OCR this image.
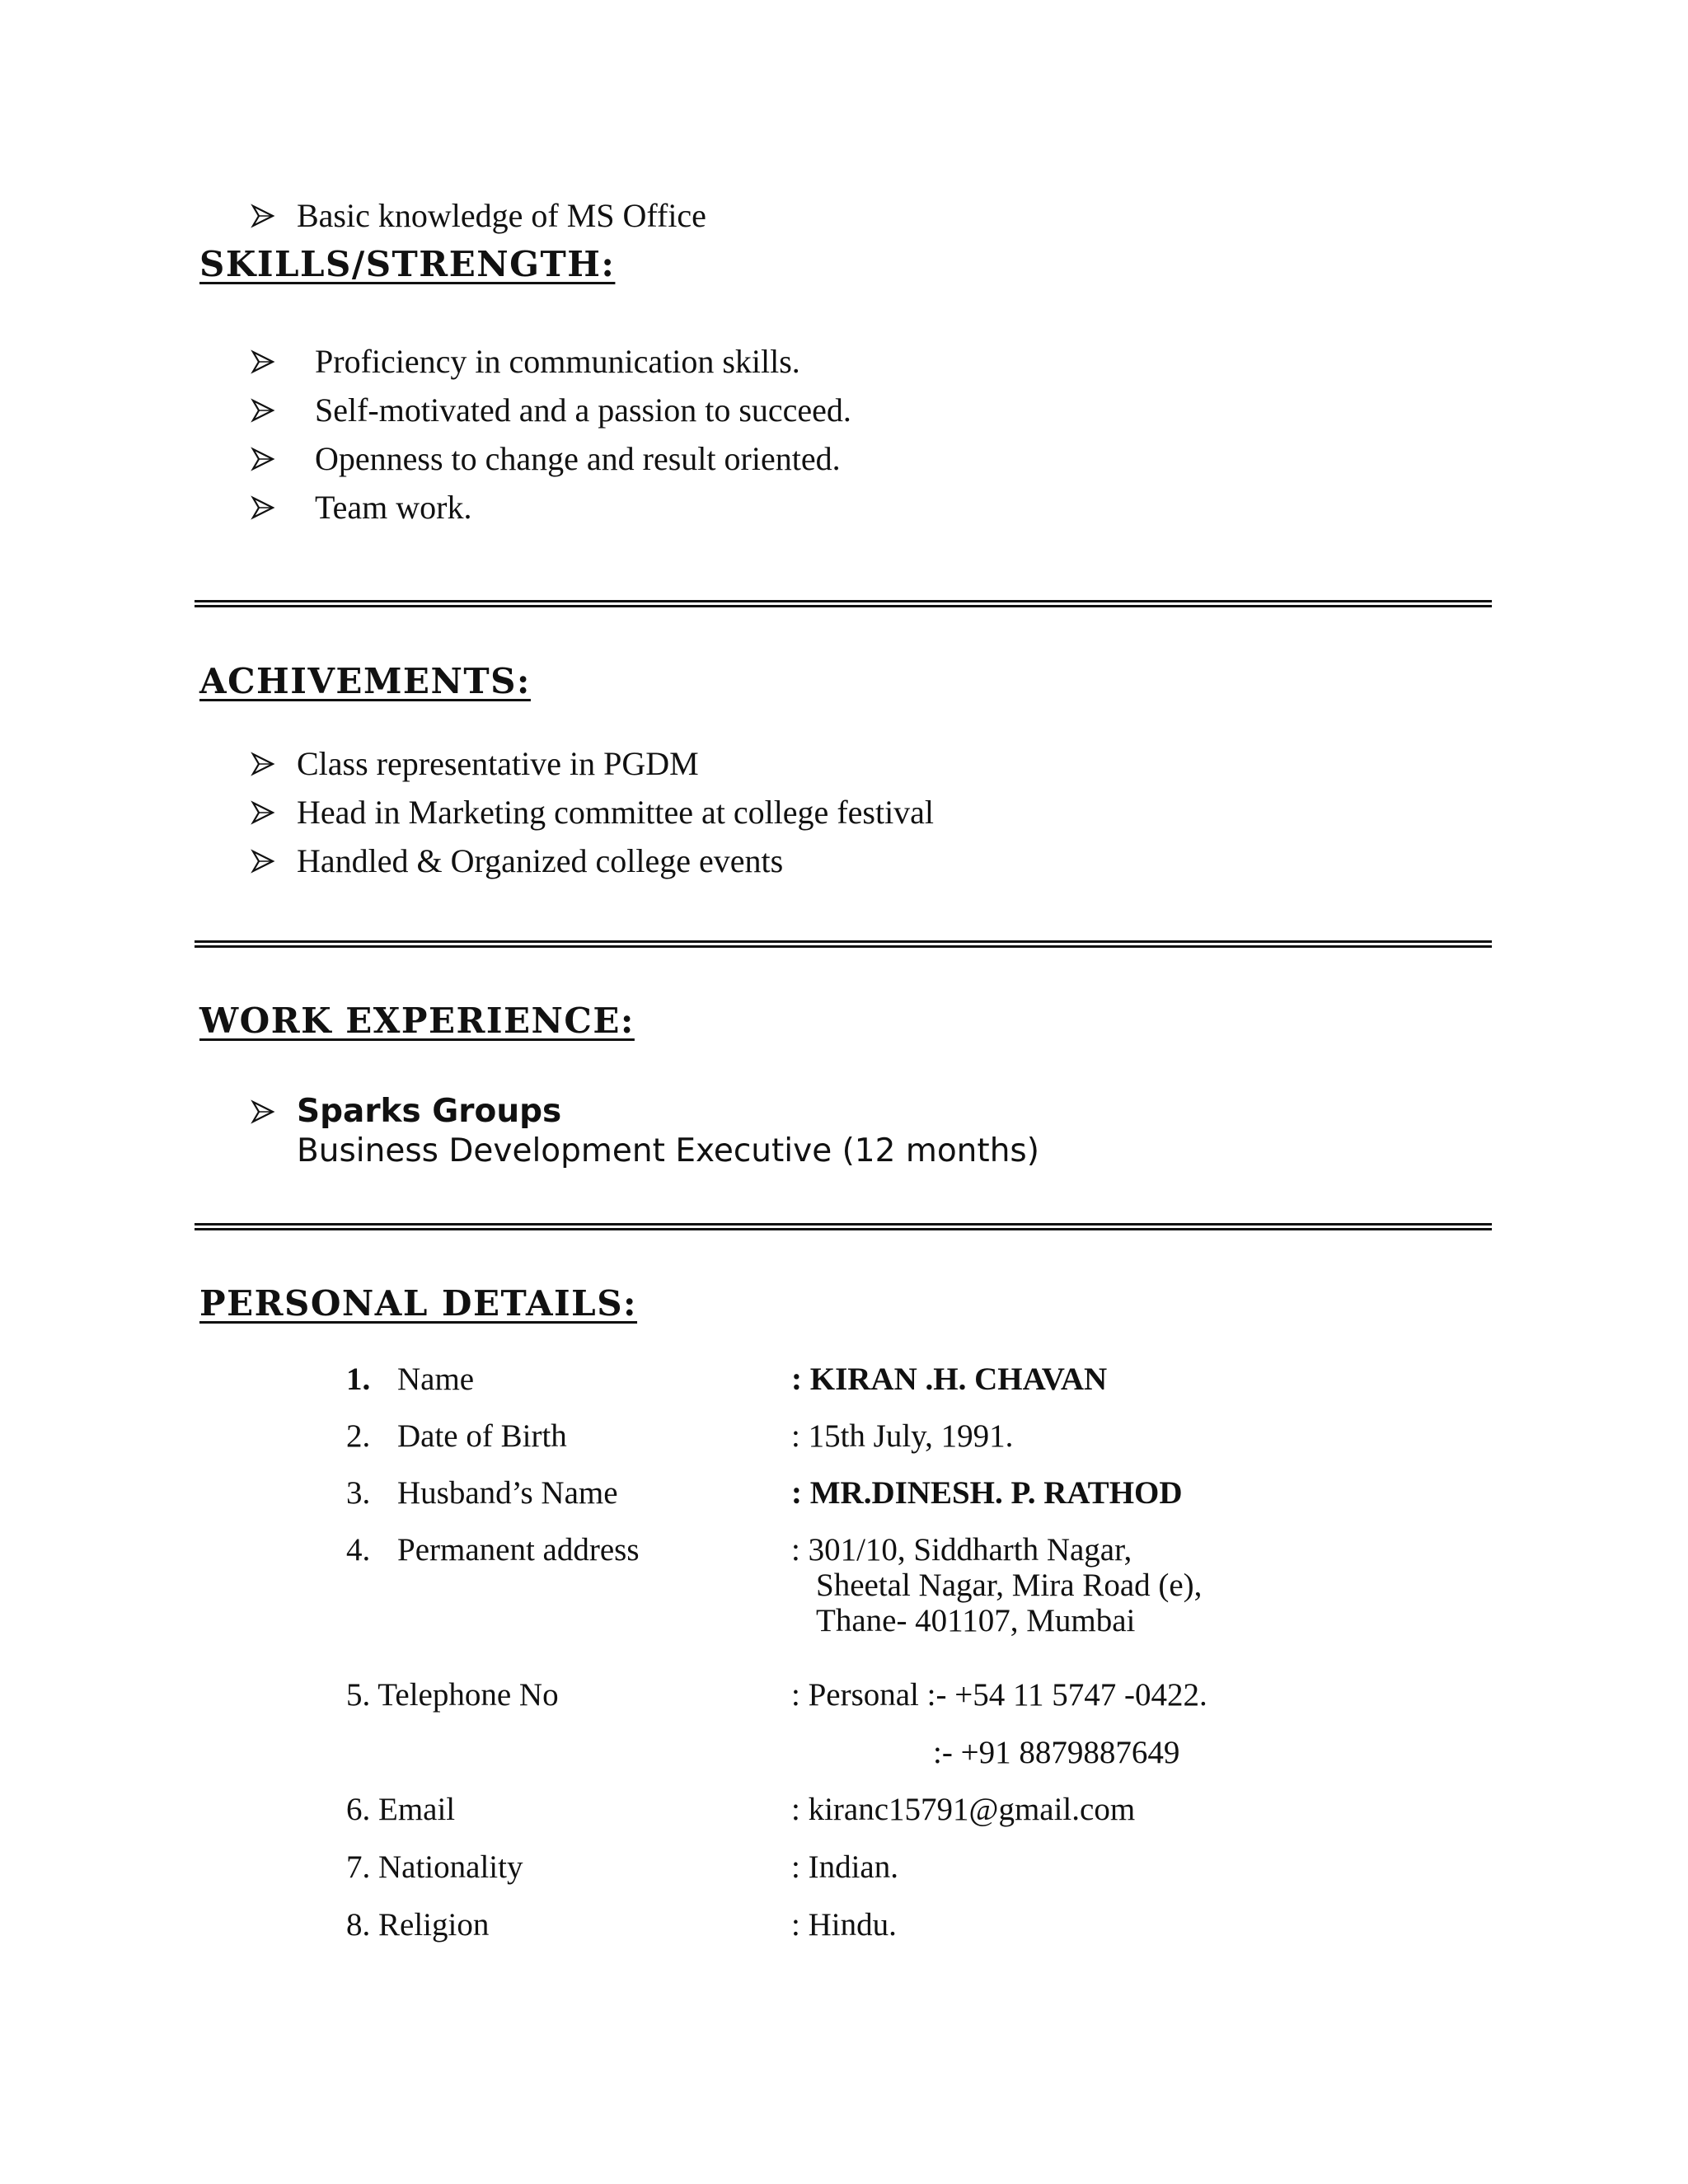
Basic knowledge of MS Office
SKILLS/STRENGTH:
Proficiency in communication skills.
Self-motivated and a passion to succeed.
Openness to change and result oriented.
Team work.
ACHIVEMENTS:
Class representative in PGDM
Head in Marketing committee at college festival
Handled & Organized college events
WORK EXPERIENCE:
Sparks Groups
Business Development Executive (12 months)
PERSONAL DETAILS:
1. Name	: KIRAN .H. CHAVAN
2. Date of Birth	: 15th July, 1991.
3. Husband’s Name	: MR.DINESH. P. RATHOD
4. Permanent address	: 301/10, Siddharth Nagar,
Sheetal Nagar, Mira Road (e),
Thane- 401107, Mumbai
5. Telephone No	: Personal :- +54 11 5747 -0422.
:- +91 8879887649
6. Email	: kiranc15791@gmail.com
7. Nationality	: Indian.
8. Religion	: Hindu.
